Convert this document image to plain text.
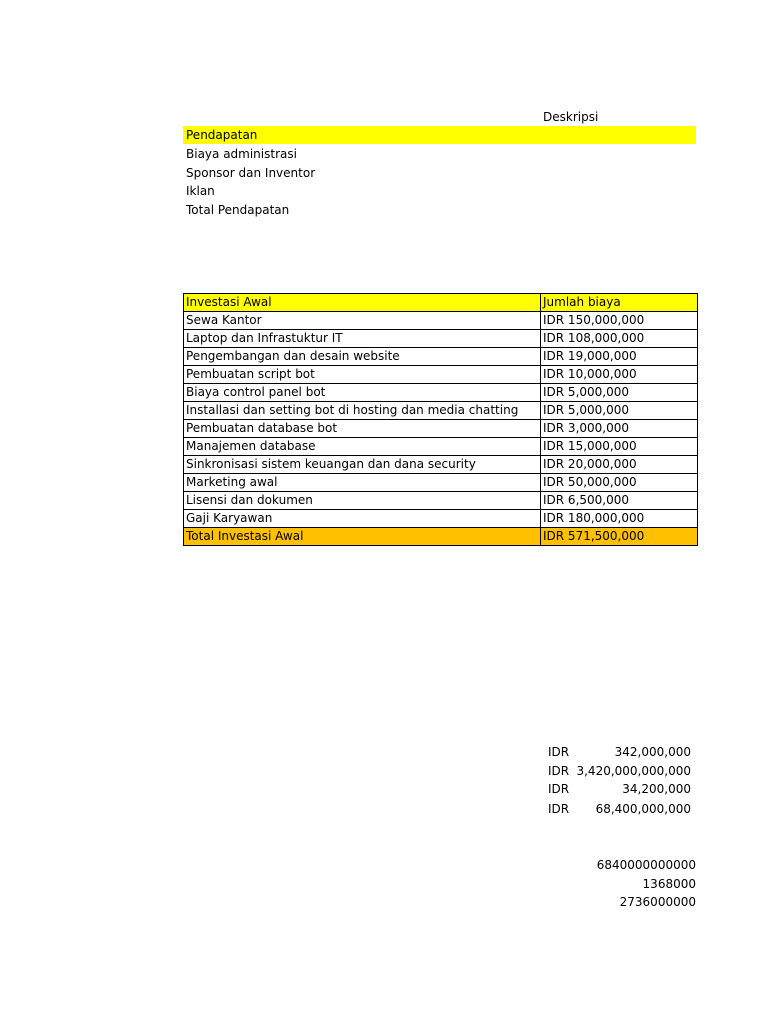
Deskripsi
Pendapatan
Biaya administrasi
Sponsor dan Inventor
Iklan
Total Pendapatan
Investasi Awal	Jumlah biaya
Sewa Kantor	IDR 150,000,000
Laptop dan Infrastuktur IT	IDR 108,000,000
Pengembangan dan desain website	IDR 19,000,000
Pembuatan script bot	IDR 10,000,000
Biaya control panel bot	IDR 5,000,000
Installasi dan setting bot di hosting dan media chatting	IDR 5,000,000
Pembuatan database bot	IDR 3,000,000
Manajemen database	IDR 15,000,000
Sinkronisasi sistem keuangan dan dana security	IDR 20,000,000
Marketing awal	IDR 50,000,000
Lisensi dan dokumen	IDR 6,500,000
Gaji Karyawan	IDR 180,000,000
Total Investasi Awal	IDR 571,500,000
IDR	342,000,000
IDR 3,420,000,000,000
IDR	34,200,000
IDR 68,400,000,000
6840000000000
1368000
2736000000
